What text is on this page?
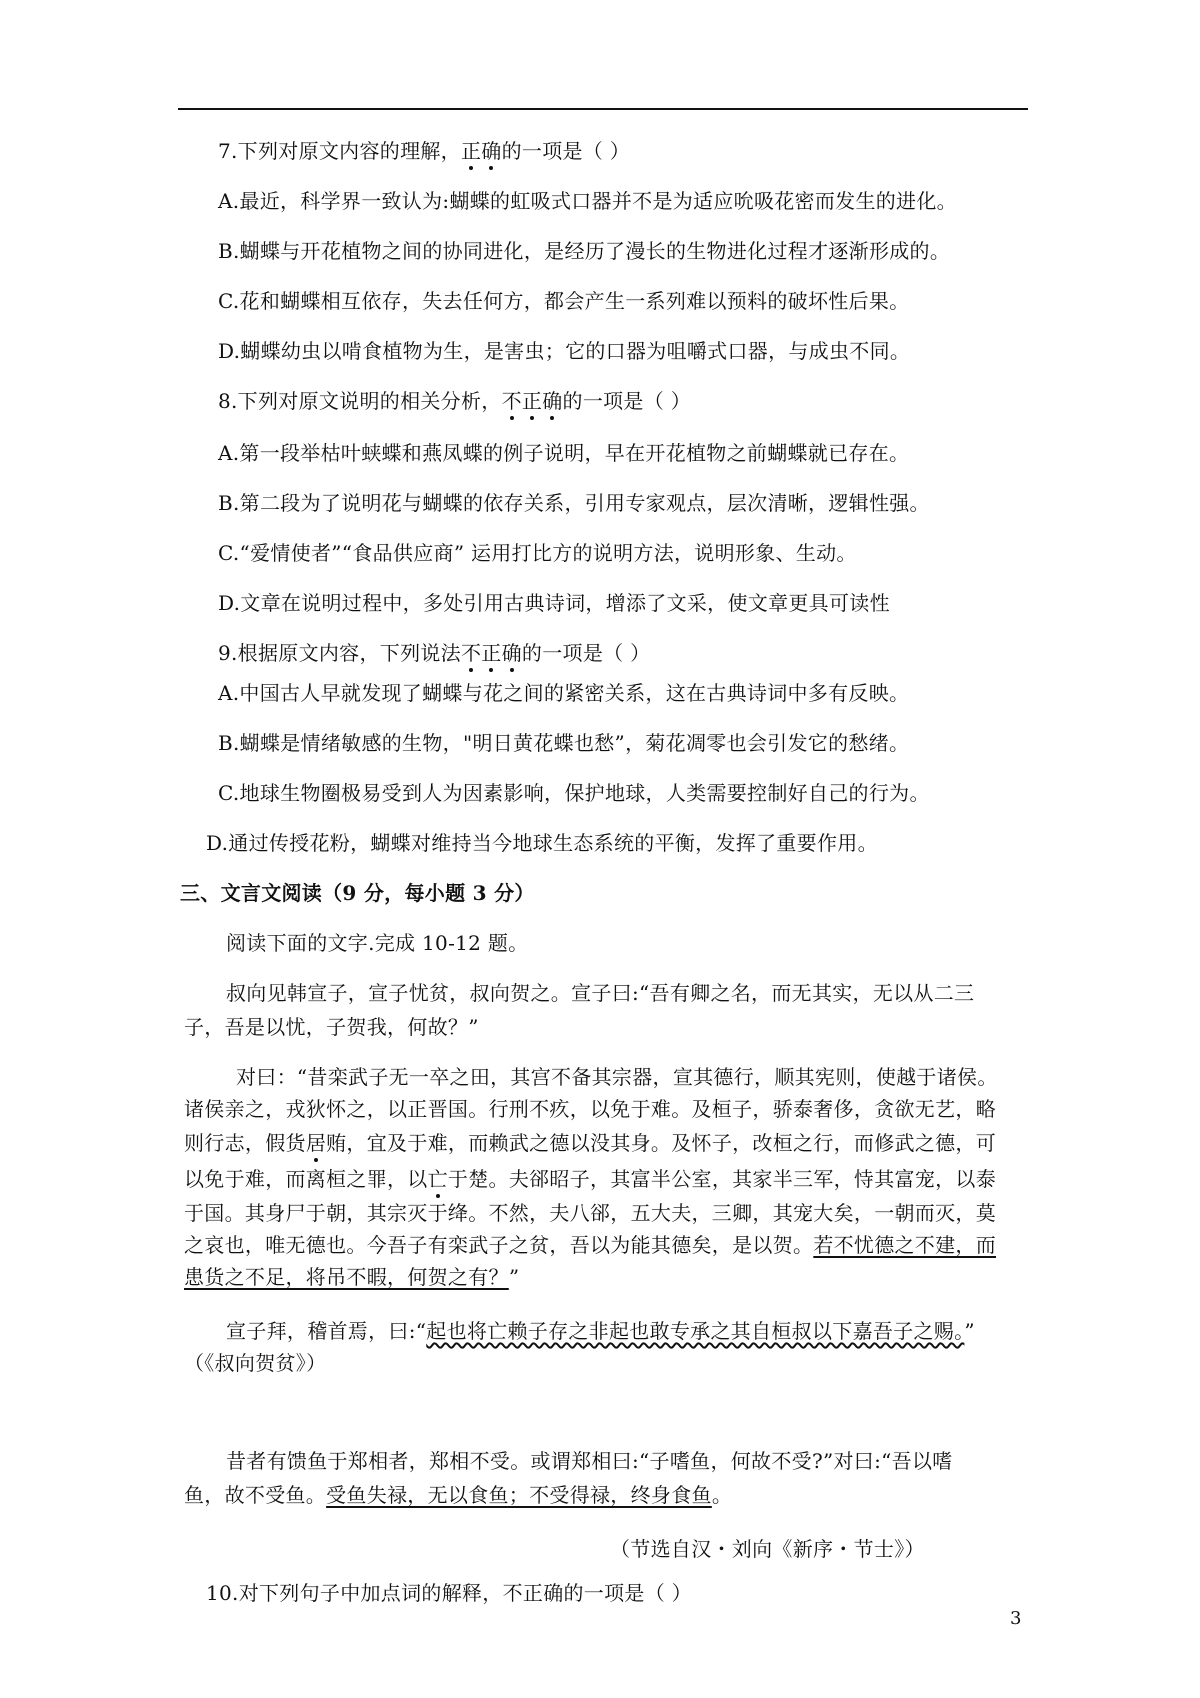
7.下列对原文内容的理解，正确的一项是（ ）
A.最近，科学界一致认为:蝴蝶的虹吸式口器并不是为适应吮吸花密而发生的进化。
B.蝴蝶与开花植物之间的协同进化，是经历了漫长的生物进化过程才逐渐形成的。
C.花和蝴蝶相互依存，失去任何方，都会产生一系列难以预料的破坏性后果。
D.蝴蝶幼虫以啃食植物为生，是害虫；它的口器为咀嚼式口器，与成虫不同。
8.下列对原文说明的相关分析，不正确的一项是（ ）
A.第一段举枯叶蛱蝶和燕凤蝶的例子说明，早在开花植物之前蝴蝶就已存在。
B.第二段为了说明花与蝴蝶的依存关系，引用专家观点，层次清晰，逻辑性强。
C.“爱情使者”“食品供应商” 运用打比方的说明方法，说明形象、生动。
D.文章在说明过程中，多处引用古典诗词，增添了文采，使文章更具可读性
9.根据原文内容，下列说法不正确的一项是（ ）
A.中国古人早就发现了蝴蝶与花之间的紧密关系，这在古典诗词中多有反映。
B.蝴蝶是情绪敏感的生物，"明日黄花蝶也愁”，菊花凋零也会引发它的愁绪。
C.地球生物圈极易受到人为因素影响，保护地球，人类需要控制好自己的行为。
D.通过传授花粉，蝴蝶对维持当今地球生态系统的平衡，发挥了重要作用。
三、文言文阅读（9 分，每小题 3 分）
阅读下面的文字.完成 10-12 题。
叔向见韩宣子，宣子忧贫，叔向贺之。宣子曰:“吾有卿之名，而无其实，无以从二三
子，吾是以忧，子贺我，何故？”
对曰：“昔栾武子无一卒之田，其宫不备其宗器，宣其德行，顺其宪则，使越于诸侯。
诸侯亲之，戎狄怀之，以正晋国。行刑不疚，以免于难。及桓子，骄泰奢侈，贪欲无艺，略
则行志，假货居贿，宜及于难，而赖武之德以没其身。及怀子，改桓之行，而修武之德，可
以免于难，而离桓之罪，以亡于楚。夫郤昭子，其富半公室，其家半三军，恃其富宠，以泰
于国。其身尸于朝，其宗灭于绛。不然，夫八郤，五大夫，三卿，其宠大矣，一朝而灭，莫
之哀也，唯无德也。今吾子有栾武子之贫，吾以为能其德矣，是以贺。若不忧德之不建，而
患货之不足，将吊不暇，何贺之有？”
宣子拜，稽首焉，曰:“起也将亡赖子存之非起也敢专承之其自桓叔以下嘉吾子之赐。”
（《叔向贺贫》）
昔者有馈鱼于郑相者，郑相不受。或谓郑相曰:“子嗜鱼，何故不受?”对曰:“吾以嗜
鱼，故不受鱼。受鱼失禄，无以食鱼；不受得禄，终身食鱼。
（节选自汉・刘向《新序・节士》）
10.对下列句子中加点词的解释，不正确的一项是（ ）
3
